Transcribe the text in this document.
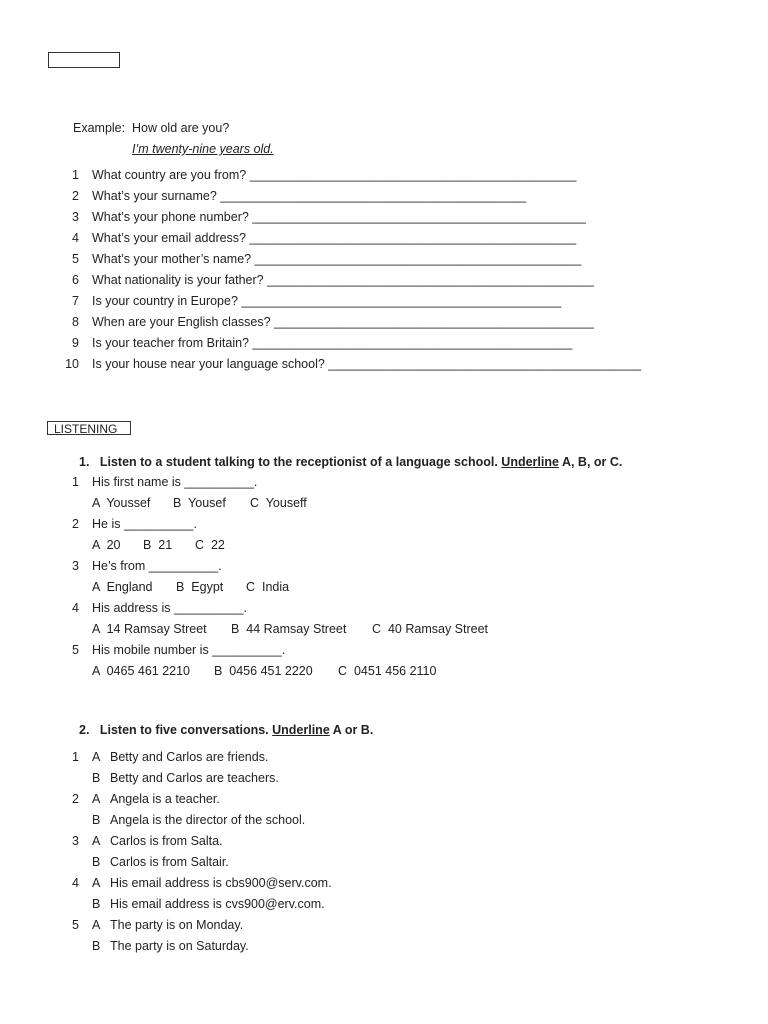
Example: How old are you?
I’m twenty-nine years old.
1 What country are you from? _______________________________________________
2 What’s your surname? ____________________________________________
3 What’s your phone number? ________________________________________________
4 What’s your email address? _______________________________________________
5 What’s your mother’s name? _______________________________________________
6 What nationality is your father? _______________________________________________
7 Is your country in Europe? ______________________________________________
8 When are your English classes? ______________________________________________
9 Is your teacher from Britain? ______________________________________________
10 Is your house near your language school? _____________________________________________
LISTENING
1. Listen to a student talking to the receptionist of a language school. Underline A, B, or C.
1 His first name is __________.
A  Youssef B  Yousef C  Youseff
2 He is __________.
A  20 B  21 C  22
3 He’s from __________.
A  England B  Egypt C  India
4 His address is __________.
A  14 Ramsay Street B  44 Ramsay Street C  40 Ramsay Street
5 His mobile number is __________.
A  0465 461 2210 B  0456 451 2220 C  0451 456 2110
2. Listen to five conversations. Underline A or B.
1 A Betty and Carlos are friends.
B Betty and Carlos are teachers.
2 A Angela is a teacher.
B Angela is the director of the school.
3 A Carlos is from Salta.
B Carlos is from Saltair.
4 A His email address is cbs900@serv.com.
B His email address is cvs900@erv.com.
5 A The party is on Monday.
B The party is on Saturday.
